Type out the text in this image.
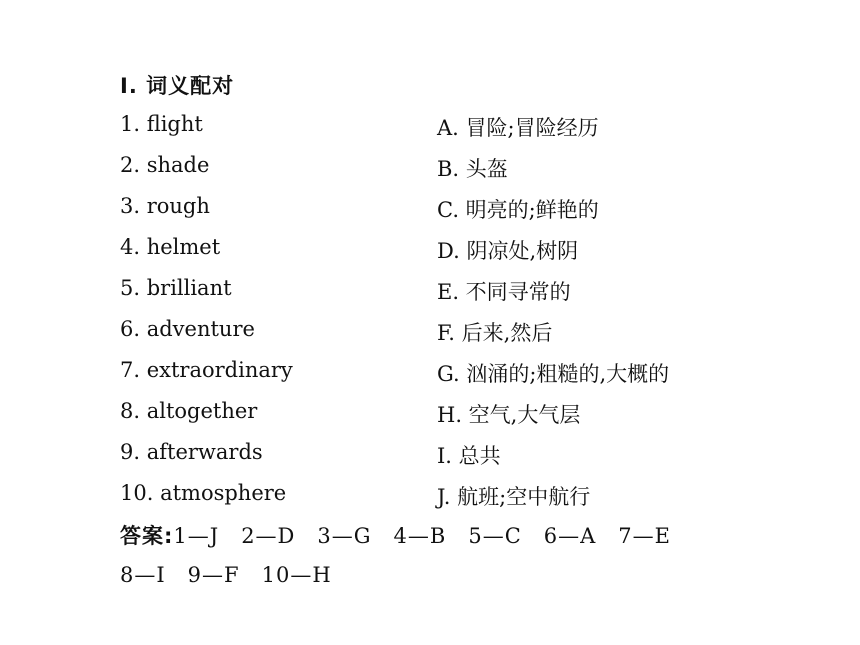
Ⅰ. 词义配对
1. flight	A. 冒险;冒险经历
2. shade	B. 头盔
3. rough	C. 明亮的;鲜艳的
4. helmet	D. 阴凉处,树阴
5. brilliant	E. 不同寻常的
6. adventure	F. 后来,然后
7. extraordinary	G. 汹涌的;粗糙的,大概的
8. altogether	H. 空气,大气层
9. afterwards	I. 总共
10. atmosphere	J. 航班;空中航行
答案:1—J 2—D 3—G 4—B 5—C 6—A 7—E
8—I 9—F 10—H
